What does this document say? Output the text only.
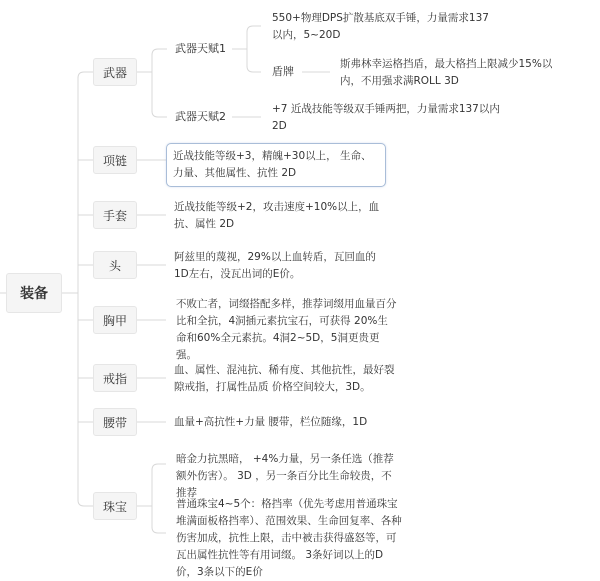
装备
武器
武器天赋1
武器天赋2
550+物理DPS扩散基底双手锤，力量需求137以内，5~20D
盾牌
斯弗林幸运格挡盾，最大格挡上限减少15%以内，不用强求满ROLL 3D
+7 近战技能等级双手锤两把，力量需求137以内 2D
项链	近战技能等级+3，精魄+30以上， 生命、力量、其他属性、抗性 2D
手套
近战技能等级+2，攻击速度+10%以上，血抗、属性 2D
头
阿兹里的蔑视，29%以上血转盾，瓦回血的1D左右，没瓦出词的E价。
胸甲
不败亡者，词缀搭配多样，推荐词缀用血量百分比和全抗，4洞插元素抗宝石，可获得 20%生命和60%全元素抗。4洞2~5D，5洞更贵更强。
戒指
血、属性、混沌抗、稀有度、其他抗性，最好裂隙戒指，打属性品质 价格空间较大，3D。
腰带	血量+高抗性+力量 腰带，栏位随缘，1D
珠宝
暗金力抗黑暗， +4%力量，另一条任选（推荐额外伤害）。 3D ，另一条百分比生命较贵，不推荐
普通珠宝4~5个：格挡率（优先考虑用普通珠宝堆满面板格挡率）、范围效果、生命回复率、各种伤害加成，抗性上限，击中被击获得盛怒等，可瓦出属性抗性等有用词缀。 3条好词以上的D价，3条以下的E价
